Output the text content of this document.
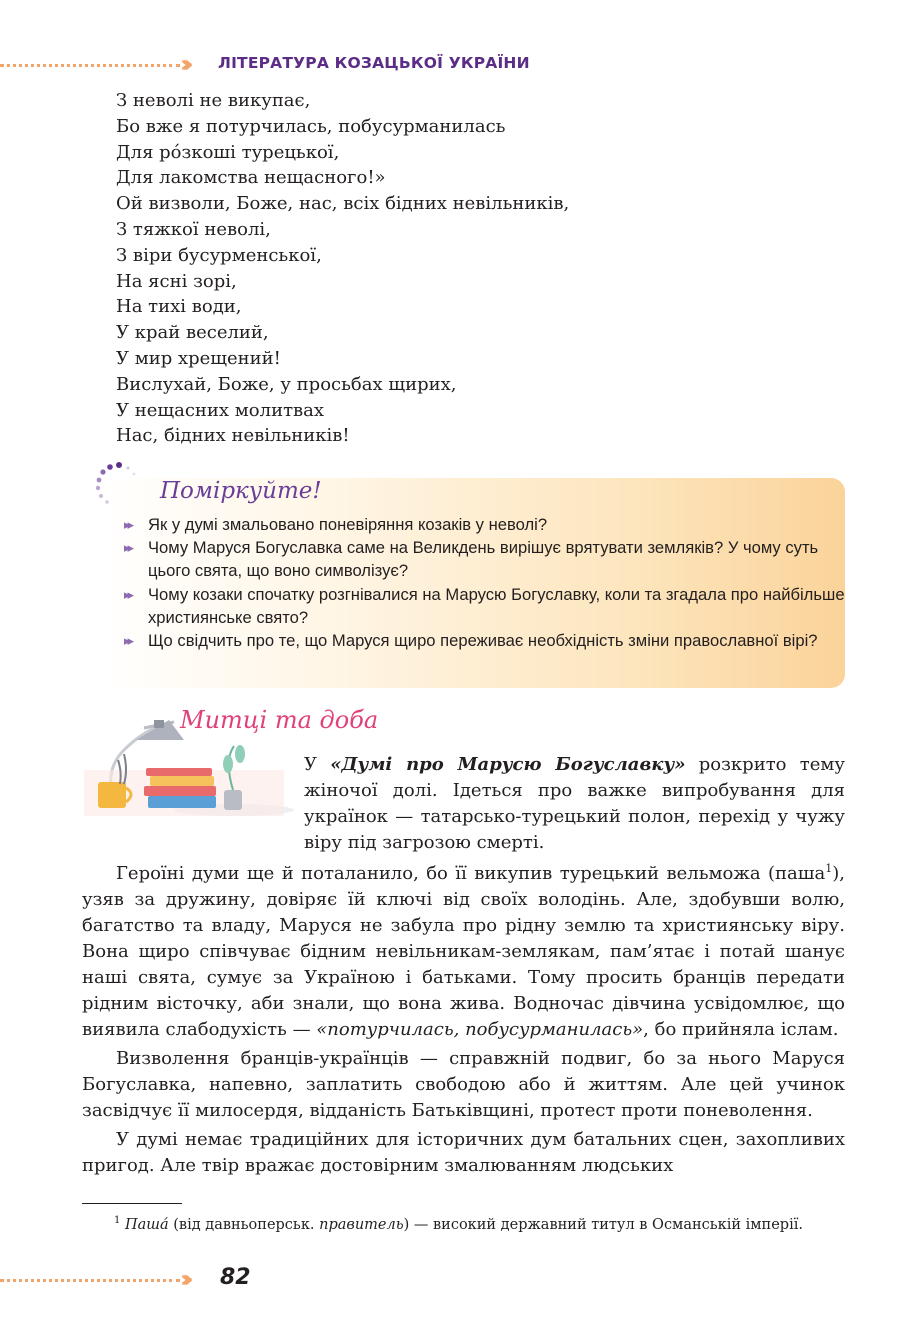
››› ЛІТЕРАТУРА КОЗАЦЬКОЇ УКРАЇНИ
З неволі не викупає,
Бо вже я потурчилась, побусурманилась
Для ро́зкоші турецької,
Для лакомства нещасного!»
Ой визволи, Боже, нас, всіх бідних невільників,
З тяжкої неволі,
З віри бусурменської,
На ясні зорі,
На тихі води,
У край веселий,
У мир хрещений!
Вислухай, Боже, у просьбах щирих,
У нещасних молитвах
Нас, бідних невільників!
Поміркуйте!
▸▸ Як у думі змальовано поневіряння козаків у неволі?
▸▸ Чому Маруся Богуславка саме на Великдень вирішує врятувати земляків? У чому суть цього свята, що воно символізує?
▸▸ Чому козаки спочатку розгнівалися на Марусю Богуславку, коли та згадала про найбільше християнське свято?
▸▸ Що свідчить про те, що Маруся щиро переживає необхідність зміни православної вірі?
Митці та доба

У «Думі про Марусю Богуславку» розкрито тему жіночої долі. Ідеться про важке випробування для українок — татарсько-турецький полон, перехід у чужу віру під загрозою смерті.

Героїні думи ще й поталанило, бо її викупив турецький вельможа (паша$^1$), узяв за дружину, довіряє їй ключі від своїх володінь. Але, здобувши волю, багатство та владу, Маруся не забула про рідну землю та християнську віру. Вона щиро співчуває бідним невільникам-землякам, пам’ятає і потай шанує наші свята, сумує за Україною і батьками. Тому просить бранців передати рідним вісточку, аби знали, що вона жива. Водночас дівчина усвідомлює, що виявила слабодухість — «потурчилась, побусурманилась», бо прийняла іслам.

Визволення бранців-українців — справжній подвиг, бо за нього Маруся Богуславка, напевно, заплатить свободою або й життям. Але цей учинок засвідчує її милосердя, відданість Батьківщині, протест проти поневолення.

У думі немає традиційних для історичних дум батальних сцен, захопливих пригод. Але твір вражає достовірним змалюванням людських

$^1$ Паша́ (від давньоперськ. правитель) — високий державний титул в Османській імперії.

››› 82
